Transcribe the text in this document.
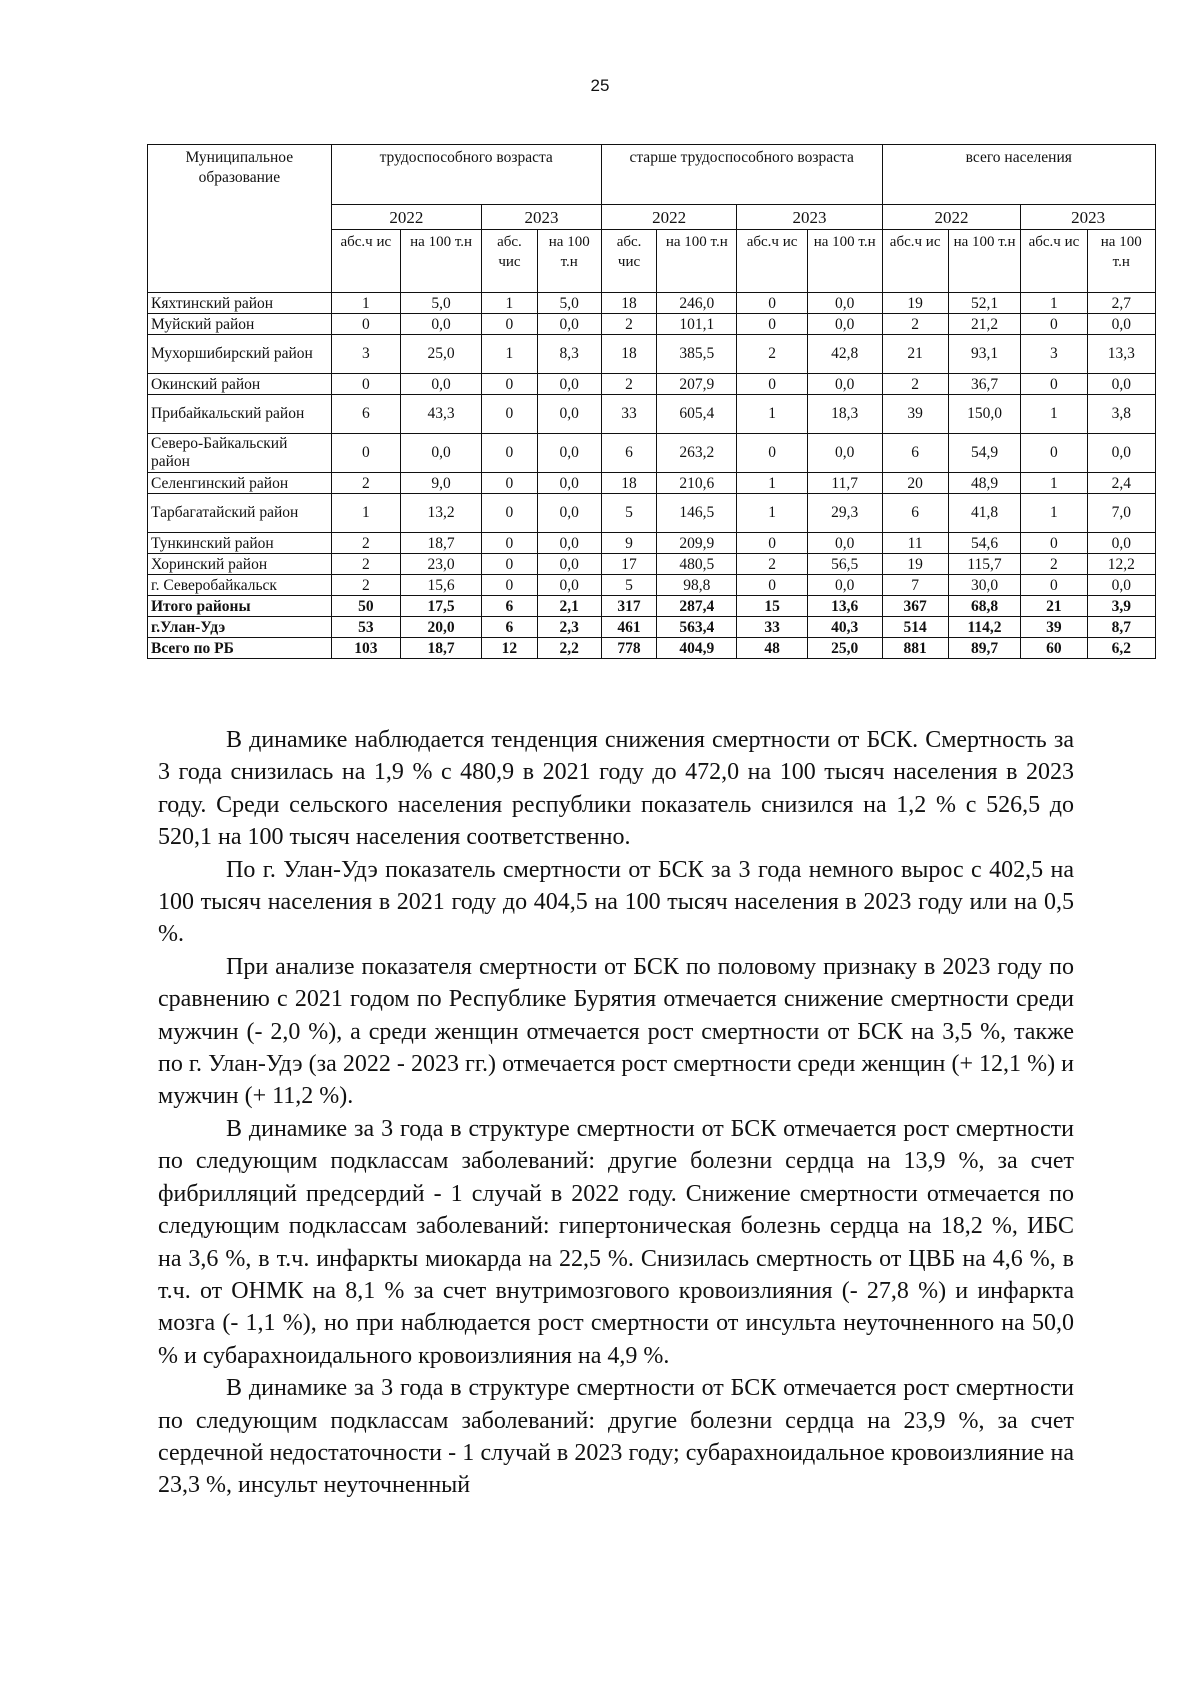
25
Муниципальное образование	трудоспособного возраста				старше трудоспособного возраста				всего населения			
	2022		2023		2022		2023		2022		2023	
	абс.ч ис	на 100 т.н	абс. чис	на 100 т.н	абс. чис	на 100 т.н	абс.ч ис	на 100 т.н	абс.ч ис	на 100 т.н	абс.ч ис	на 100 т.н
Кяхтинский район	1	5,0	1	5,0	18	246,0	0	0,0	19	52,1	1	2,7
Муйский район	0	0,0	0	0,0	2	101,1	0	0,0	2	21,2	0	0,0
Мухоршибирский район	3	25,0	1	8,3	18	385,5	2	42,8	21	93,1	3	13,3
Окинский район	0	0,0	0	0,0	2	207,9	0	0,0	2	36,7	0	0,0
Прибайкальский район	6	43,3	0	0,0	33	605,4	1	18,3	39	150,0	1	3,8
Северо-Байкальский район	0	0,0	0	0,0	6	263,2	0	0,0	6	54,9	0	0,0
Селенгинский район	2	9,0	0	0,0	18	210,6	1	11,7	20	48,9	1	2,4
Тарбагатайский район	1	13,2	0	0,0	5	146,5	1	29,3	6	41,8	1	7,0
Тункинский район	2	18,7	0	0,0	9	209,9	0	0,0	11	54,6	0	0,0
Хоринский район	2	23,0	0	0,0	17	480,5	2	56,5	19	115,7	2	12,2
г. Северобайкальск	2	15,6	0	0,0	5	98,8	0	0,0	7	30,0	0	0,0
Итого районы	50	17,5	6	2,1	317	287,4	15	13,6	367	68,8	21	3,9
г.Улан-Удэ	53	20,0	6	2,3	461	563,4	33	40,3	514	114,2	39	8,7
Всего по РБ	103	18,7	12	2,2	778	404,9	48	25,0	881	89,7	60	6,2

В динамике наблюдается тенденция снижения смертности от БСК. Смертность за 3 года снизилась на 1,9 % с 480,9 в 2021 году до 472,0 на 100 тысяч населения в 2023 году. Среди сельского населения республики показатель снизился на 1,2 % с 526,5 до 520,1 на 100 тысяч населения соответственно.

По г. Улан-Удэ показатель смертности от БСК за 3 года немного вырос с 402,5 на 100 тысяч населения в 2021 году до 404,5 на 100 тысяч населения в 2023 году или на 0,5 %.

При анализе показателя смертности от БСК по половому признаку в 2023 году по сравнению с 2021 годом по Республике Бурятия отмечается снижение смертности среди мужчин (- 2,0 %), а среди женщин отмечается рост смертности от БСК на 3,5 %, также по г. Улан-Удэ (за 2022 - 2023 гг.) отмечается рост смертности среди женщин (+ 12,1 %) и мужчин (+ 11,2 %).

В динамике за 3 года в структуре смертности от БСК отмечается рост смертности по следующим подклассам заболеваний: другие болезни сердца на 13,9 %, за счет фибрилляций предсердий - 1 случай в 2022 году. Снижение смертности отмечается по следующим подклассам заболеваний: гипертоническая болезнь сердца на 18,2 %, ИБС на 3,6 %, в т.ч. инфаркты миокарда на 22,5 %. Снизилась смертность от ЦВБ на 4,6 %, в т.ч. от ОНМК на 8,1 % за счет внутримозгового кровоизлияния (- 27,8 %) и инфаркта мозга (- 1,1 %), но при наблюдается рост смертности от инсульта неуточненного на 50,0 % и субарахноидального кровоизлияния на 4,9 %.

В динамике за 3 года в структуре смертности от БСК отмечается рост смертности по следующим подклассам заболеваний: другие болезни сердца на 23,9 %, за счет сердечной недостаточности - 1 случай в 2023 году; субарахноидальное кровоизлияние на 23,3 %, инсульт неуточненный
